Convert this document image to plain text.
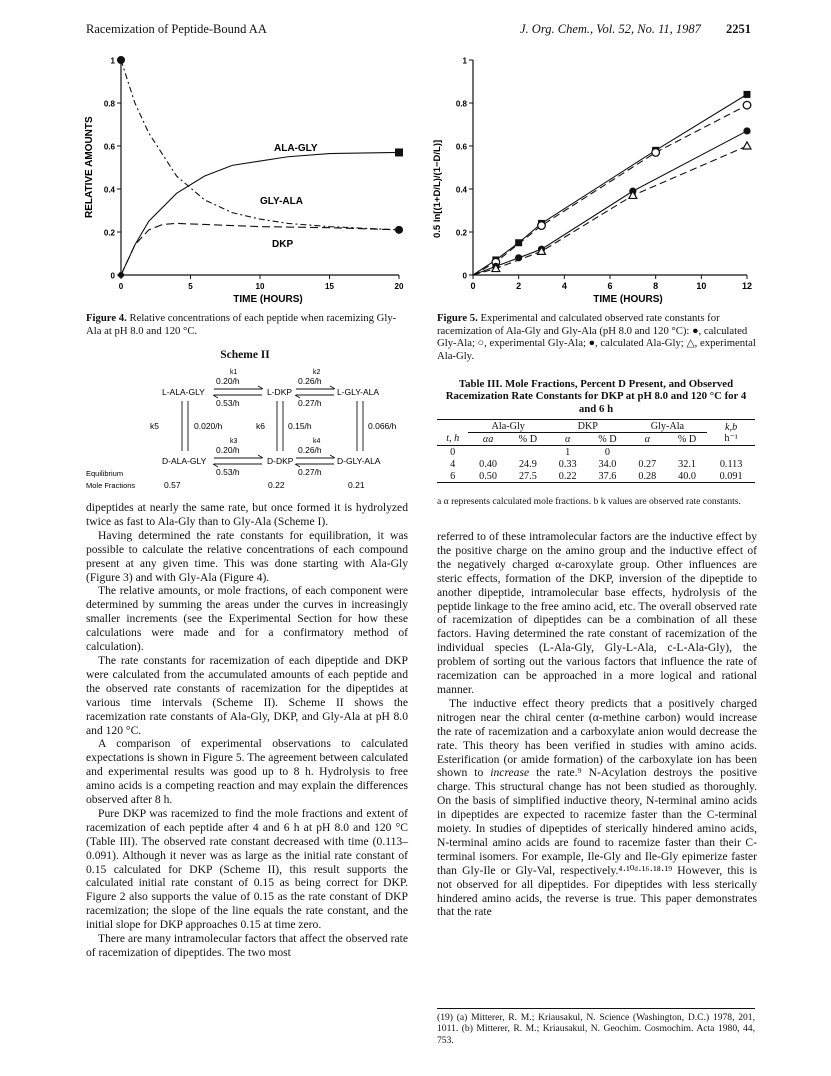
Racemization of Peptide-Bound AA	J. Org. Chem., Vol. 52, No. 11, 1987 2251
RELATIVE AMOUNTS
TIME (HOURS)
0
0.2
0.4
0.6
0.8
1
0	5	10	15	20
ALA-GLY
GLY-ALA
DKP
Figure 4. Relative concentrations of each peptide when racemizing Gly-Ala at pH 8.0 and 120 °C.
Scheme II
L-ALA-GLY	L-DKP	L-GLY-ALA
D-ALA-GLY	D-DKP	D-GLY-ALA
k1
0.20/h
0.53/h
k2
0.26/h
0.27/h
k3
0.20/h
0.53/h
k4
0.26/h
0.27/h
k5	0.020/h	k6	0.15/h	0.066/h
Equilibrium
Mole Fractions	0.57	0.22	0.21

dipeptides at nearly the same rate, but once formed it is hydrolyzed twice as fast to Ala-Gly than to Gly-Ala (Scheme I).

Having determined the rate constants for equilibration, it was possible to calculate the relative concentrations of each compound present at any given time. This was done starting with Ala-Gly (Figure 3) and with Gly-Ala (Figure 4).

The relative amounts, or mole fractions, of each component were determined by summing the areas under the curves in increasingly smaller increments (see the Experimental Section for how these calculations were made and for a confirmatory method of calculation).

The rate constants for racemization of each dipeptide and DKP were calculated from the accumulated amounts of each peptide and the observed rate constants of racemization for the dipeptides at various time intervals (Scheme II). Scheme II shows the racemization rate constants of Ala-Gly, DKP, and Gly-Ala at pH 8.0 and 120 °C.

A comparison of experimental observations to calculated expectations is shown in Figure 5. The agreement between calculated and experimental results was good up to 8 h. Hydrolysis to free amino acids is a competing reaction and may explain the differences observed after 8 h.

Pure DKP was racemized to find the mole fractions and extent of racemization of each peptide after 4 and 6 h at pH 8.0 and 120 °C (Table III). The observed rate constant decreased with time (0.113–0.091). Although it never was as large as the initial rate constant of 0.15 calculated for DKP (Scheme II), this result supports the calculated initial rate constant of 0.15 as being correct for DKP. Figure 2 also supports the value of 0.15 as the rate constant of DKP racemization; the slope of the line equals the rate constant, and the initial slope for DKP approaches 0.15 at time zero.

There are many intramolecular factors that affect the observed rate of racemization of dipeptides. The two most

0.5 ln[(1+D/L)/(1−D/L)]
TIME (HOURS)
0
0.2
0.4
0.6
0.8
1
0	2	4	6	8	10	12
Figure 5. Experimental and calculated observed rate constants for racemization of Ala-Gly and Gly-Ala (pH 8.0 and 120 °C): ●, calculated Gly-Ala; ○, experimental Gly-Ala; ●, calculated Ala-Gly; △, experimental Ala-Gly.
Table III. Mole Fractions, Percent D Present, and Observed Racemization Rate Constants for DKP at pH 8.0 and 120 °C for 4 and 6 h
	Ala-Gly		DKP		Gly-Ala		k,b
h⁻¹
t, h	αa	% D	α	% D	α	% D	
0			1	0			
4	0.40	24.9	0.33	34.0	0.27	32.1	0.113
6	0.50	27.5	0.22	37.6	0.28	40.0	0.091
a α represents calculated mole fractions. b k values are observed rate constants.

referred to of these intramolecular factors are the inductive effect by the positive charge on the amino group and the inductive effect of the negatively charged α-caroxylate group. Other influences are steric effects, formation of the DKP, inversion of the dipeptide to another dipeptide, intramolecular base effects, hydrolysis of the peptide linkage to the free amino acid, etc. The overall observed rate of racemization of dipeptides can be a combination of all these factors. Having determined the rate constant of racemization of the individual species (L-Ala-Gly, Gly-L-Ala, c-L-Ala-Gly), the problem of sorting out the various factors that influence the rate of racemization can be approached in a more logical and rational manner.

The inductive effect theory predicts that a positively charged nitrogen near the chiral center (α-methine carbon) would increase the rate of racemization and a carboxylate anion would decrease the rate. This theory has been verified in studies with amino acids. Esterification (or amide formation) of the carboxylate ion has been shown to increase the rate.⁹ N-Acylation destroys the positive charge. This structural change has not been studied as thoroughly. On the basis of simplified inductive theory, N-terminal amino acids in dipeptides are expected to racemize faster than the C-terminal moiety. In studies of dipeptides of sterically hindered amino acids, N-terminal amino acids are found to racemize faster than their C-terminal isomers. For example, Ile-Gly and Ile-Gly epimerize faster than Gly-Ile or Gly-Val, respectively.⁴·¹⁰ᵈ·¹⁶·¹⁸·¹⁹ However, this is not observed for all dipeptides. For dipeptides with less sterically hindered amino acids, the reverse is true. This paper demonstrates that the rate

(19) (a) Mitterer, R. M.; Kriausakul, N. Science (Washington, D.C.) 1978, 201, 1011. (b) Mitterer, R. M.; Kriausakul, N. Geochim. Cosmochim. Acta 1980, 44, 753.
